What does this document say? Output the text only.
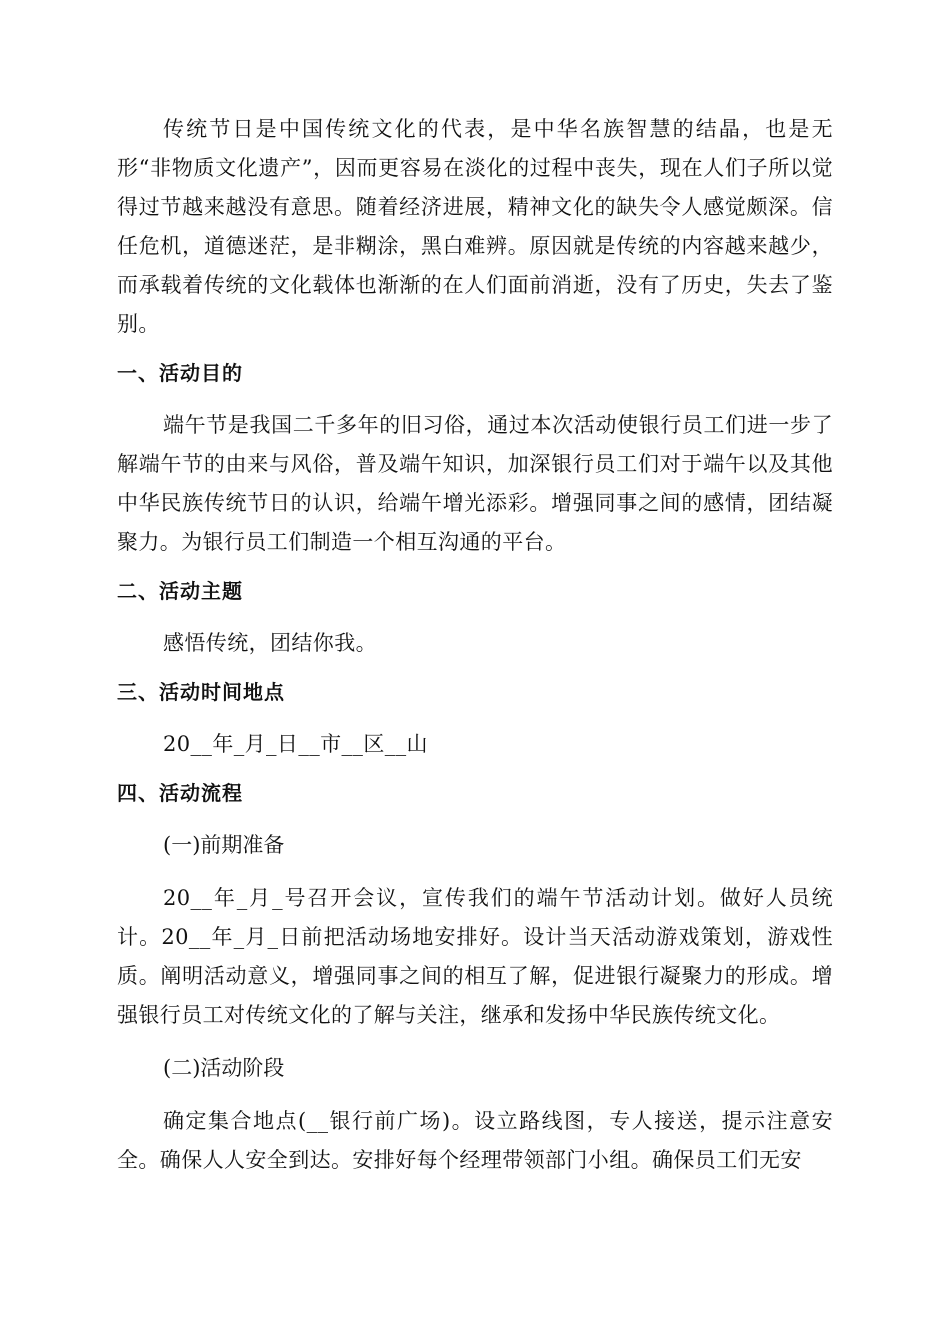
传统节日是中国传统文化的代表，是中华名族智慧的结晶，也是无形“非物质文化遗产”，因而更容易在淡化的过程中丧失，现在人们子所以觉得过节越来越没有意思。随着经济进展，精神文化的缺失令人感觉颇深。信任危机，道德迷茫，是非糊涂，黑白难辨。原因就是传统的内容越来越少，而承载着传统的文化载体也渐渐的在人们面前消逝，没有了历史，失去了鉴别。

一、活动目的

端午节是我国二千多年的旧习俗，通过本次活动使银行员工们进一步了解端午节的由来与风俗，普及端午知识，加深银行员工们对于端午以及其他中华民族传统节日的认识，给端午增光添彩。增强同事之间的感情，团结凝聚力。为银行员工们制造一个相互沟通的平台。

二、活动主题

感悟传统，团结你我。

三、活动时间地点

20__年_月_日__市__区__山

四、活动流程

(一)前期准备

20__年_月_号召开会议，宣传我们的端午节活动计划。做好人员统计。20__年_月_日前把活动场地安排好。设计当天活动游戏策划，游戏性质。阐明活动意义，增强同事之间的相互了解，促进银行凝聚力的形成。增强银行员工对传统文化的了解与关注，继承和发扬中华民族传统文化。

(二)活动阶段

确定集合地点(__银行前广场)。设立路线图，专人接送，提示注意安全。确保人人安全到达。安排好每个经理带领部门小组。确保员工们无安
